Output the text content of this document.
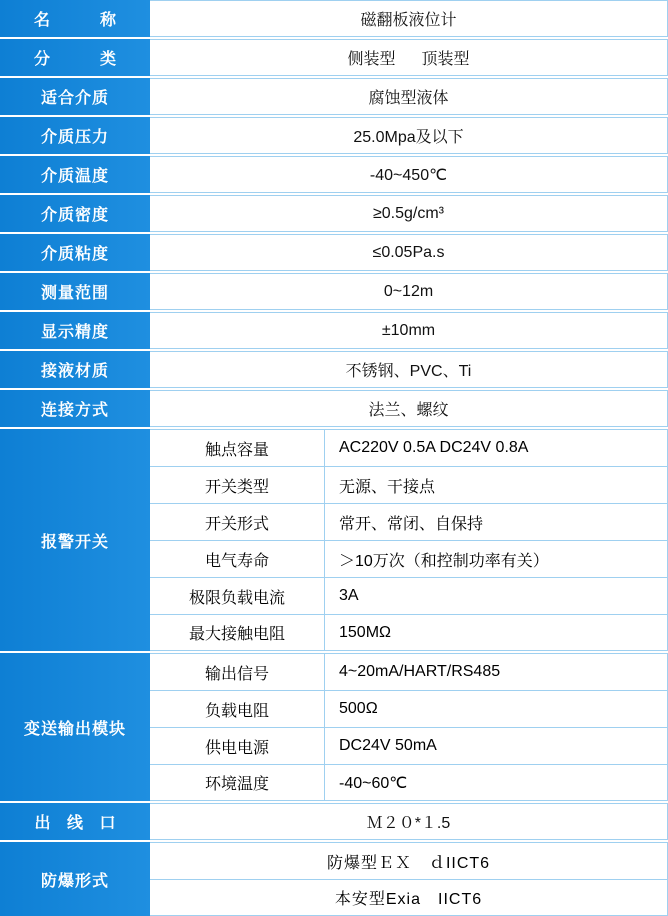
名　　称	磁翻板液位计
分　　类	侧装型 顶装型
适合介质	腐蚀型液体
介质压力	25.0Mpa及以下
介质温度	-40~450℃
介质密度	≥0.5g/cm³
介质粘度	≤0.05Pa.s
测量范围	0~12m
显示精度	±10mm
接液材质	不锈钢、PVC、Ti
连接方式	法兰、螺纹
报警开关
触点容量	AC220V 0.5A DC24V 0.8A
开关类型	无源、干接点
开关形式	常开、常闭、自保持
电气寿命	＞10万次（和控制功率有关）
极限负载电流	3A
最大接触电阻	150MΩ
变送输出模块
输出信号	4~20mA/HART/RS485
负载电阻	500Ω
供电电源	DC24V 50mA
环境温度	-40~60℃
出 线 口	Ｍ２０*１.5
防爆形式
防爆型ＥＸ　ｄIICT6
本安型Exia　IICT6
